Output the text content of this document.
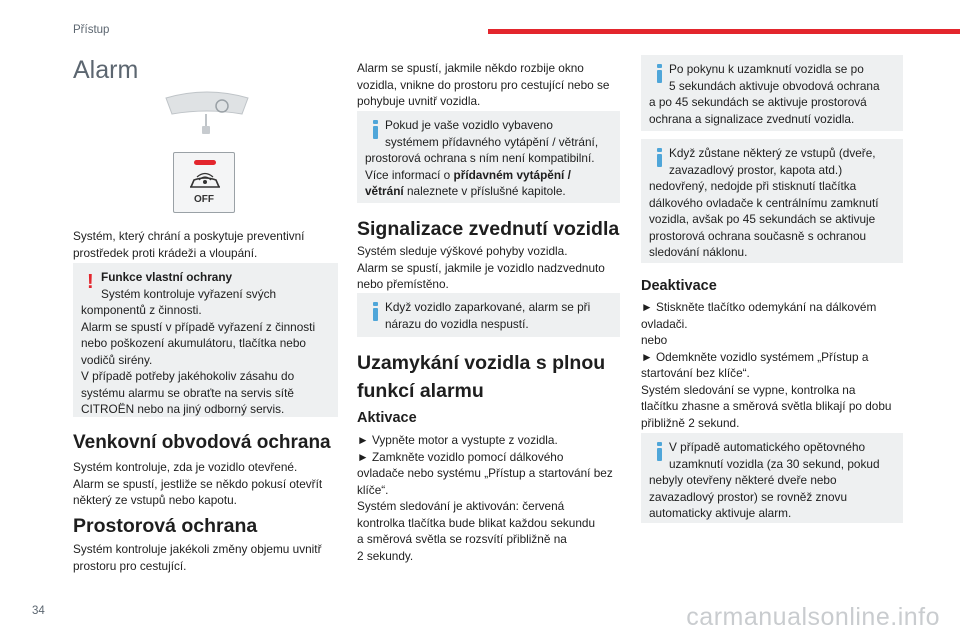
Přístup
Alarm
OFF

Systém, který chrání a poskytuje preventivní
prostředek proti krádeži a vloupání.

! Funkce vlastní ochrany
Systém kontroluje vyřazení svých

komponentů z činnosti.
Alarm se spustí v případě vyřazení z činnosti
nebo poškození akumulátoru, tlačítka nebo
vodičů sirény.
V případě potřeby jakéhokoliv zásahu do
systému alarmu se obraťte na servis sítě
CITROËN nebo na jiný odborný servis.

Venkovní obvodová ochrana

Systém kontroluje, zda je vozidlo otevřené.
Alarm se spustí, jestliže se někdo pokusí otevřít
některý ze vstupů nebo kapotu.

Prostorová ochrana

Systém kontroluje jakékoli změny objemu uvnitř
prostoru pro cestující.

Alarm se spustí, jakmile někdo rozbije okno
vozidla, vnikne do prostoru pro cestující nebo se
pohybuje uvnitř vozidla.

Pokud je vaše vozidlo vybaveno
systémem přídavného vytápění / větrání,
prostorová ochrana s ním není kompatibilní.
Více informací o přídavném vytápění /
větrání naleznete v příslušné kapitole.

Signalizace zvednutí vozidla

Systém sleduje výškové pohyby vozidla.
Alarm se spustí, jakmile je vozidlo nadzvednuto
nebo přemístěno.

Když vozidlo zaparkované, alarm se při
nárazu do vozidla nespustí.

Uzamykání vozidla s plnou
funkcí alarmu
Aktivace

► Vypněte motor a vystupte z vozidla.
► Zamkněte vozidlo pomocí dálkového
ovladače nebo systému „Přístup a startování bez
klíče“.
Systém sledování je aktivován: červená
kontrolka tlačítka bude blikat každou sekundu
a směrová světla se rozsvítí přibližně na
2 sekundy.

Po pokynu k uzamknutí vozidla se po
5 sekundách aktivuje obvodová ochrana

a po 45 sekundách se aktivuje prostorová
ochrana a signalizace zvednutí vozidla.

Když zůstane některý ze vstupů (dveře,
zavazadlový prostor, kapota atd.)

nedovřený, nedojde při stisknutí tlačítka
dálkového ovladače k centrálnímu zamknutí
vozidla, avšak po 45 sekundách se aktivuje
prostorová ochrana současně s ochranou
sledování náklonu.

Deaktivace

► Stiskněte tlačítko odemykání na dálkovém
ovladači.
nebo
► Odemkněte vozidlo systémem „Přístup a
startování bez klíče“.
Systém sledování se vypne, kontrolka na
tlačítku zhasne a směrová světla blikají po dobu
přibližně 2 sekund.

V případě automatického opětovného
uzamknutí vozidla (za 30 sekund, pokud

nebyly otevřeny některé dveře nebo
zavazadlový prostor) se rovněž znovu
automaticky aktivuje alarm.

34	carmanualsonline.info
